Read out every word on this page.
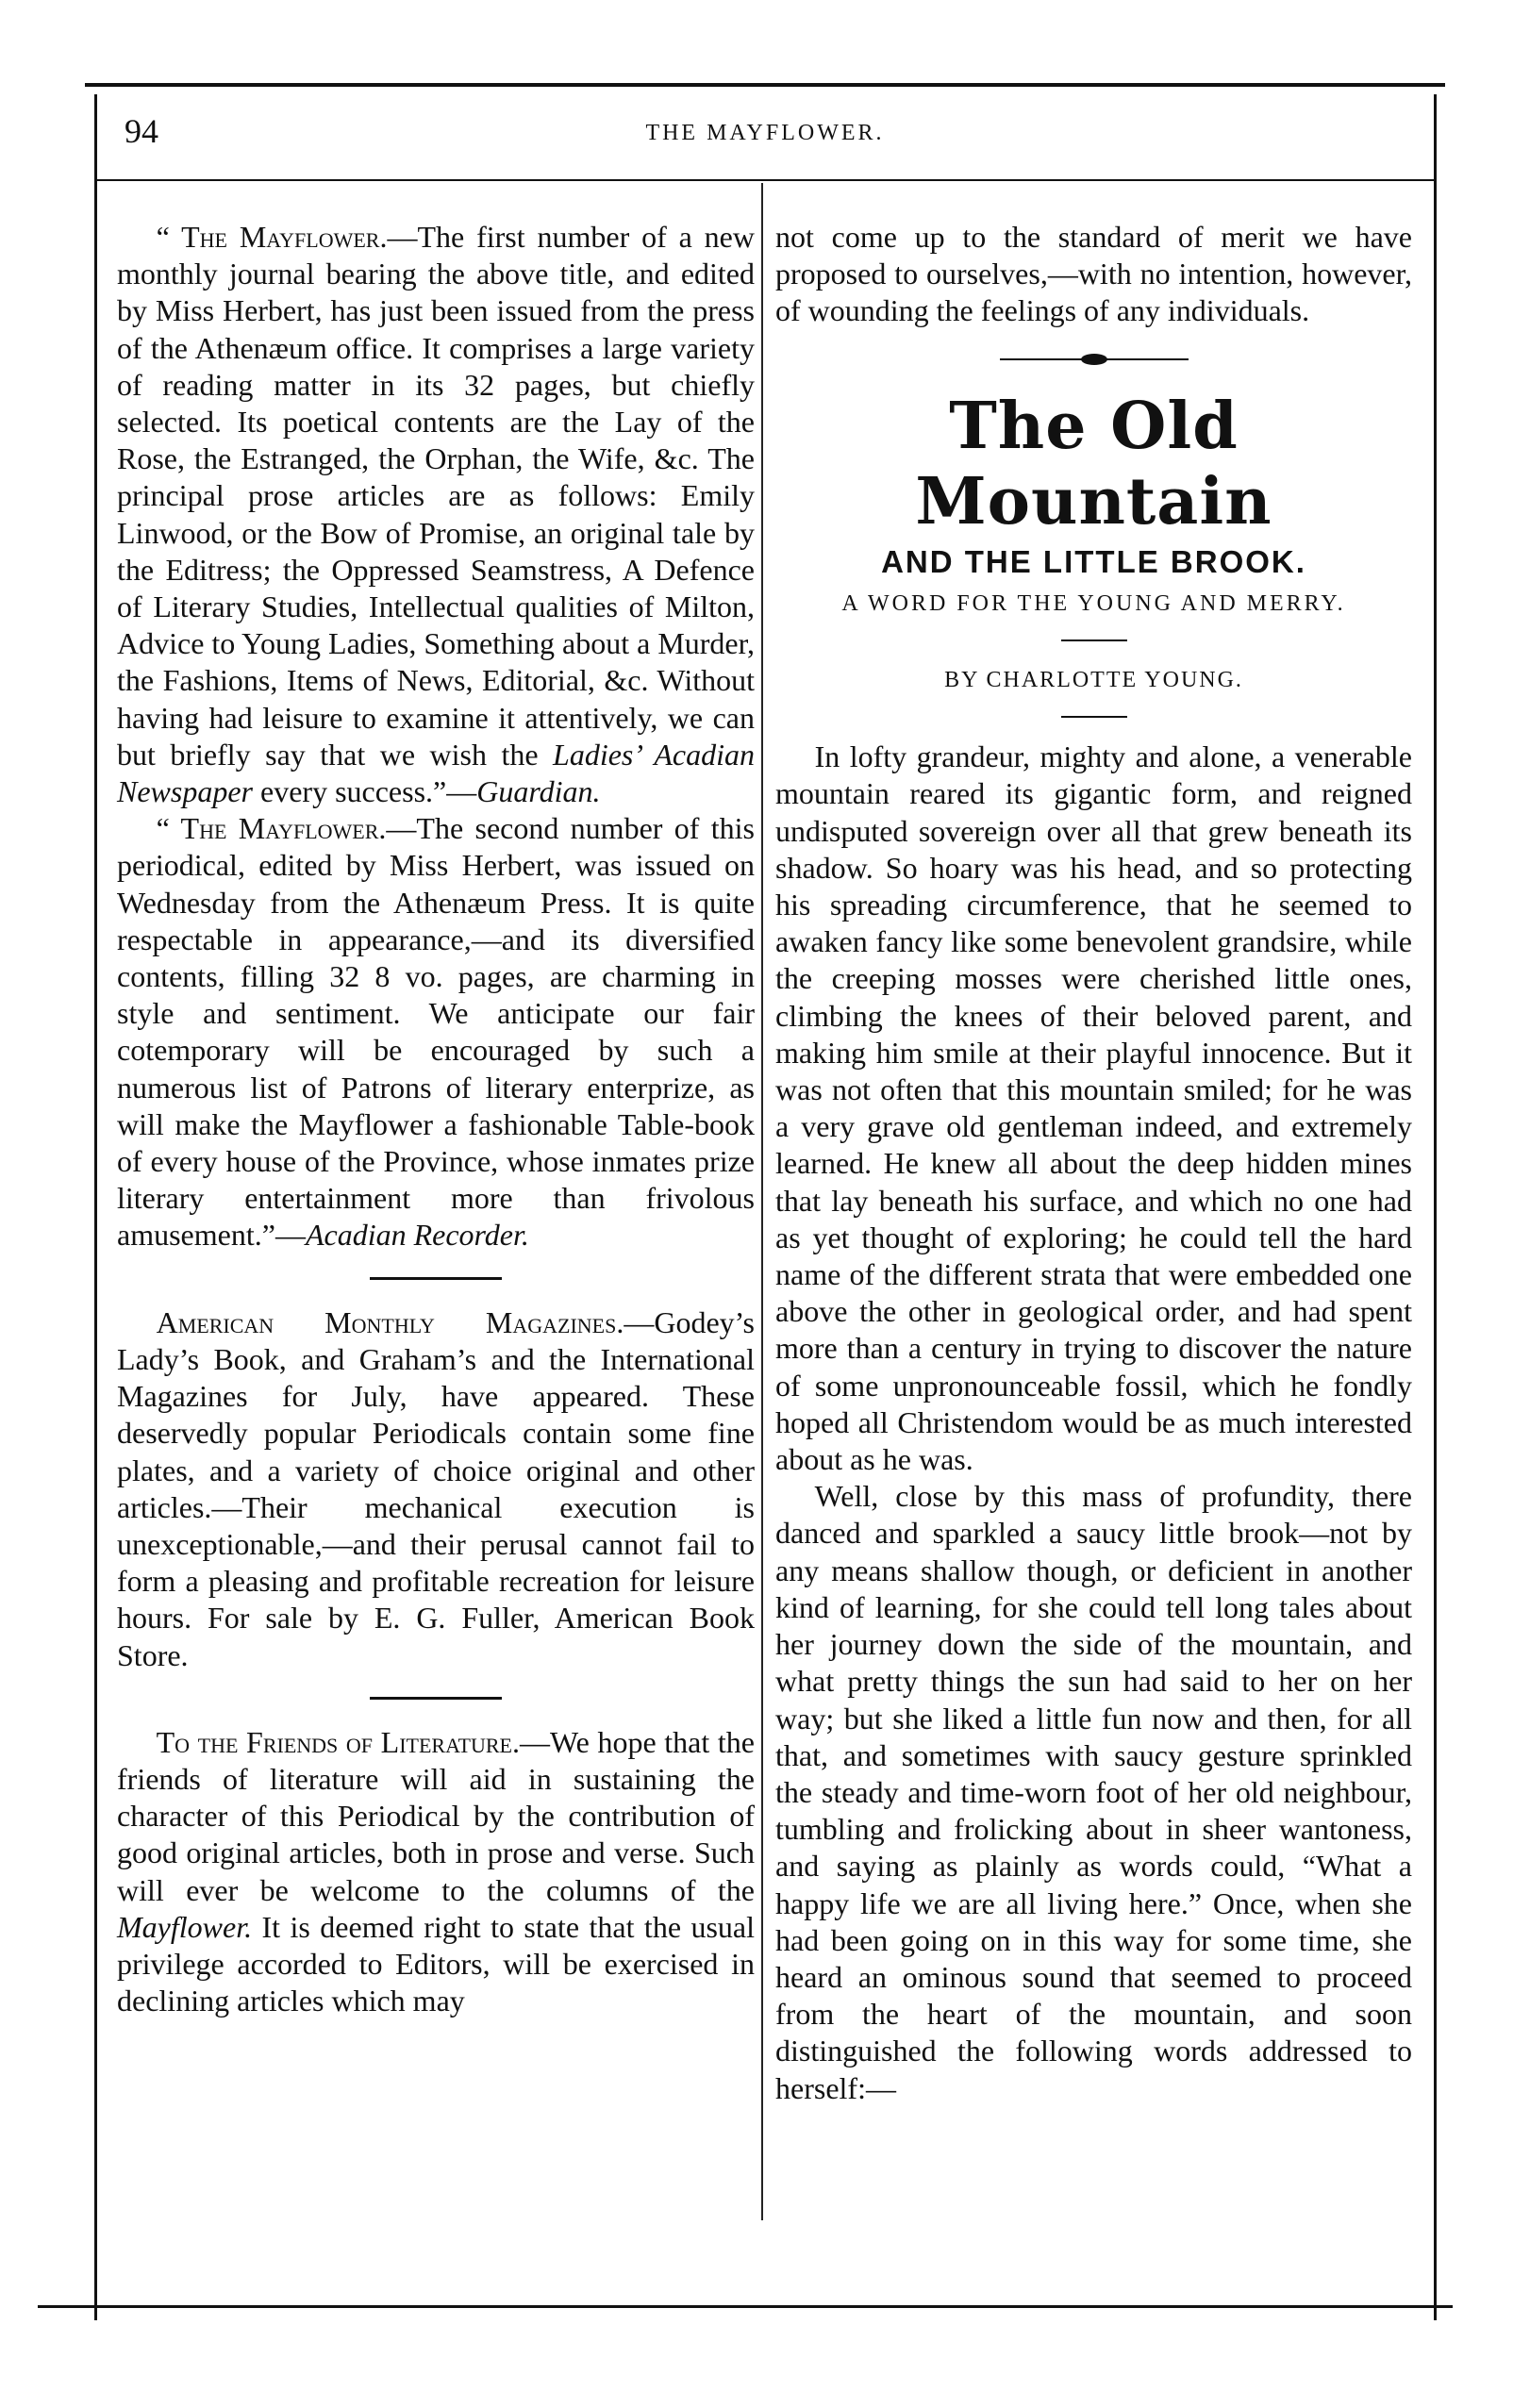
94	THE MAYFLOWER.

“ The Mayflower.—The first number of a new monthly journal bearing the above title, and edited by Miss Herbert, has just been issued from the press of the Athenæum office. It comprises a large variety of reading matter in its 32 pages, but chiefly selected. Its poetical contents are the Lay of the Rose, the Estranged, the Orphan, the Wife, &c. The principal prose articles are as follows: Emily Linwood, or the Bow of Promise, an original tale by the Editress; the Oppressed Seamstress, A Defence of Literary Studies, Intellectual qualities of Milton, Advice to Young Ladies, Something about a Murder, the Fashions, Items of News, Editorial, &c. Without having had leisure to examine it attentively, we can but briefly say that we wish the Ladies’ Acadian Newspaper every success.”—Guardian.

“ The Mayflower.—The second number of this periodical, edited by Miss Herbert, was issued on Wednesday from the Athenæum Press. It is quite respectable in appearance,—and its diversified contents, filling 32 8 vo. pages, are charming in style and sentiment. We anticipate our fair cotemporary will be encouraged by such a numerous list of Patrons of literary enterprize, as will make the Mayflower a fashionable Table-book of every house of the Province, whose inmates prize literary entertainment more than frivolous amusement.”—Acadian Recorder.

American Monthly Magazines.—Godey’s Lady’s Book, and Graham’s and the International Magazines for July, have appeared. These deservedly popular Periodicals contain some fine plates, and a variety of choice original and other articles.—Their mechanical execution is unexceptionable,—and their perusal cannot fail to form a pleasing and profitable recreation for leisure hours. For sale by E. G. Fuller, American Book Store.

To the Friends of Literature.—We hope that the friends of literature will aid in sustaining the character of this Periodical by the contribution of good original articles, both in prose and verse. Such will ever be welcome to the columns of the Mayflower. It is deemed right to state that the usual privilege accorded to Editors, will be exercised in declining articles which may

not come up to the standard of merit we have proposed to ourselves,—with no intention, however, of wounding the feelings of any individuals.

The Old Mountain
AND THE LITTLE BROOK.
A WORD FOR THE YOUNG AND MERRY.
BY CHARLOTTE YOUNG.

In lofty grandeur, mighty and alone, a venerable mountain reared its gigantic form, and reigned undisputed sovereign over all that grew beneath its shadow. So hoary was his head, and so protecting his spreading circumference, that he seemed to awaken fancy like some benevolent grandsire, while the creeping mosses were cherished little ones, climbing the knees of their beloved parent, and making him smile at their playful innocence. But it was not often that this mountain smiled; for he was a very grave old gentleman indeed, and extremely learned. He knew all about the deep hidden mines that lay beneath his surface, and which no one had as yet thought of exploring; he could tell the hard name of the different strata that were embedded one above the other in geological order, and had spent more than a century in trying to discover the nature of some unpronounceable fossil, which he fondly hoped all Christendom would be as much interested about as he was.

Well, close by this mass of profundity, there danced and sparkled a saucy little brook—not by any means shallow though, or deficient in another kind of learning, for she could tell long tales about her journey down the side of the mountain, and what pretty things the sun had said to her on her way; but she liked a little fun now and then, for all that, and sometimes with saucy gesture sprinkled the steady and time-worn foot of her old neighbour, tumbling and frolicking about in sheer wantoness, and saying as plainly as words could, “What a happy life we are all living here.” Once, when she had been going on in this way for some time, she heard an ominous sound that seemed to proceed from the heart of the mountain, and soon distinguished the following words addressed to herself:—
